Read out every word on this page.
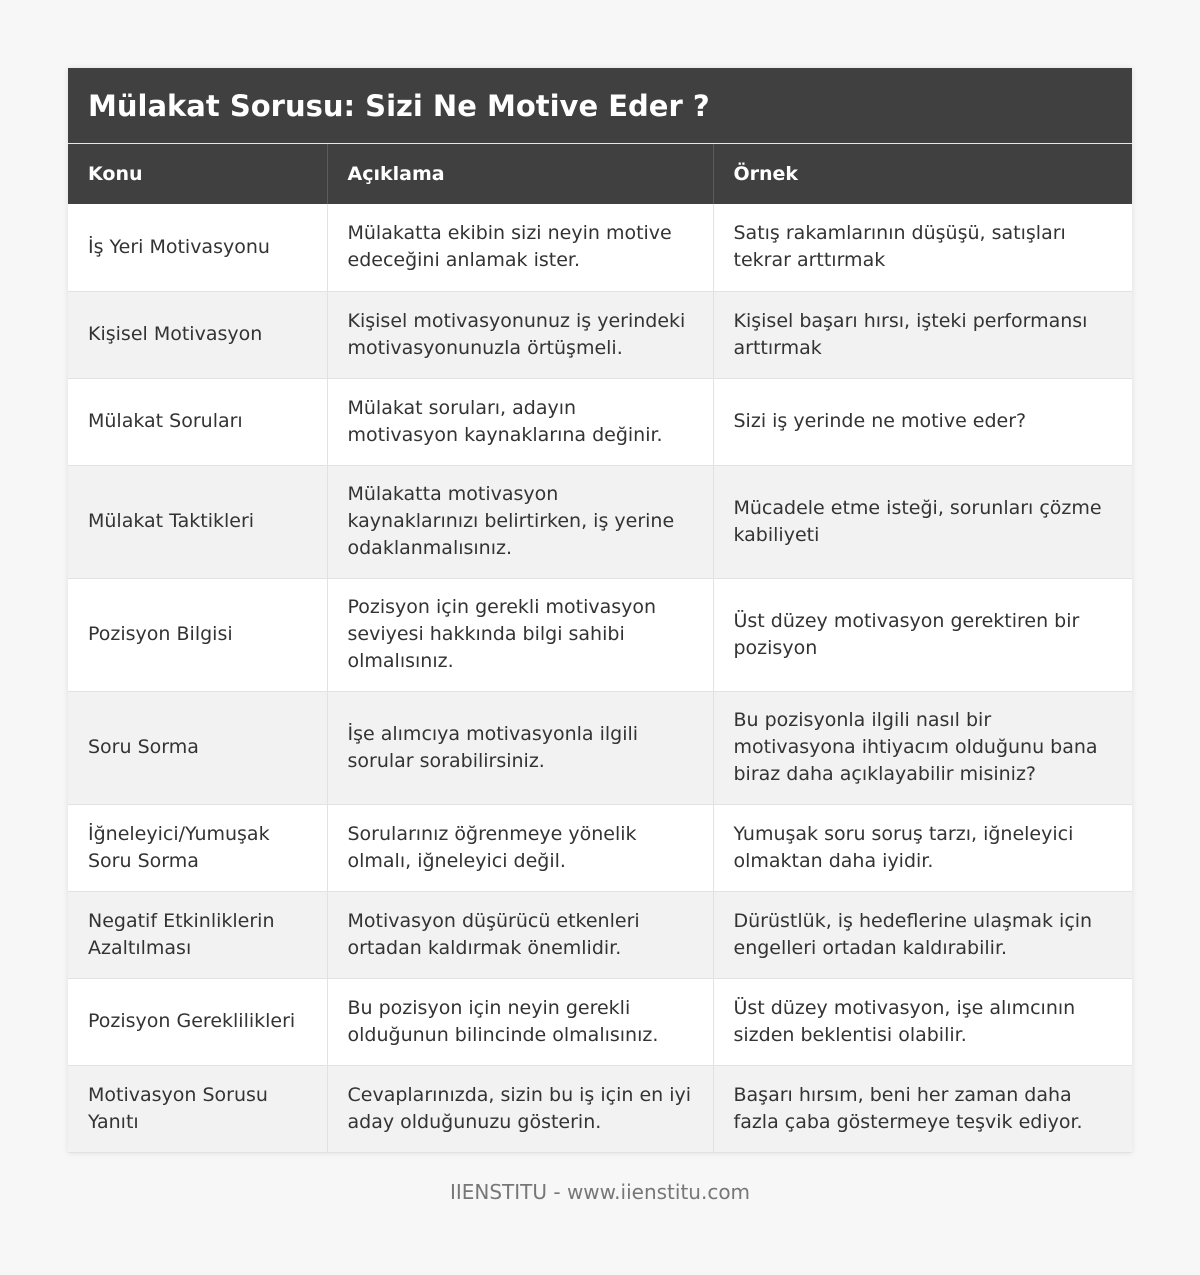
Mülakat Sorusu: Sizi Ne Motive Eder ?
Konu	Açıklama	Örnek
İş Yeri Motivasyonu	Mülakatta ekibin sizi neyin motive edeceğini anlamak ister.	Satış rakamlarının düşüşü, satışları tekrar arttırmak
Kişisel Motivasyon	Kişisel motivasyonunuz iş yerindeki motivasyonunuzla örtüşmeli.	Kişisel başarı hırsı, işteki performansı arttırmak
Mülakat Soruları	Mülakat soruları, adayın motivasyon kaynaklarına değinir.	Sizi iş yerinde ne motive eder?
Mülakat Taktikleri	Mülakatta motivasyon kaynaklarınızı belirtirken, iş yerine odaklanmalısınız.	Mücadele etme isteği, sorunları çözme kabiliyeti
Pozisyon Bilgisi	Pozisyon için gerekli motivasyon seviyesi hakkında bilgi sahibi olmalısınız.	Üst düzey motivasyon gerektiren bir pozisyon
Soru Sorma	İşe alımcıya motivasyonla ilgili sorular sorabilirsiniz.	Bu pozisyonla ilgili nasıl bir motivasyona ihtiyacım olduğunu bana biraz daha açıklayabilir misiniz?
İğneleyici/Yumuşak Soru Sorma	Sorularınız öğrenmeye yönelik olmalı, iğneleyici değil.	Yumuşak soru soruş tarzı, iğneleyici olmaktan daha iyidir.
Negatif Etkinliklerin Azaltılması	Motivasyon düşürücü etkenleri ortadan kaldırmak önemlidir.	Dürüstlük, iş hedeflerine ulaşmak için engelleri ortadan kaldırabilir.
Pozisyon Gereklilikleri	Bu pozisyon için neyin gerekli olduğunun bilincinde olmalısınız.	Üst düzey motivasyon, işe alımcının sizden beklentisi olabilir.
Motivasyon Sorusu Yanıtı	Cevaplarınızda, sizin bu iş için en iyi aday olduğunuzu gösterin.	Başarı hırsım, beni her zaman daha fazla çaba göstermeye teşvik ediyor.
IIENSTITU - www.iienstitu.com
